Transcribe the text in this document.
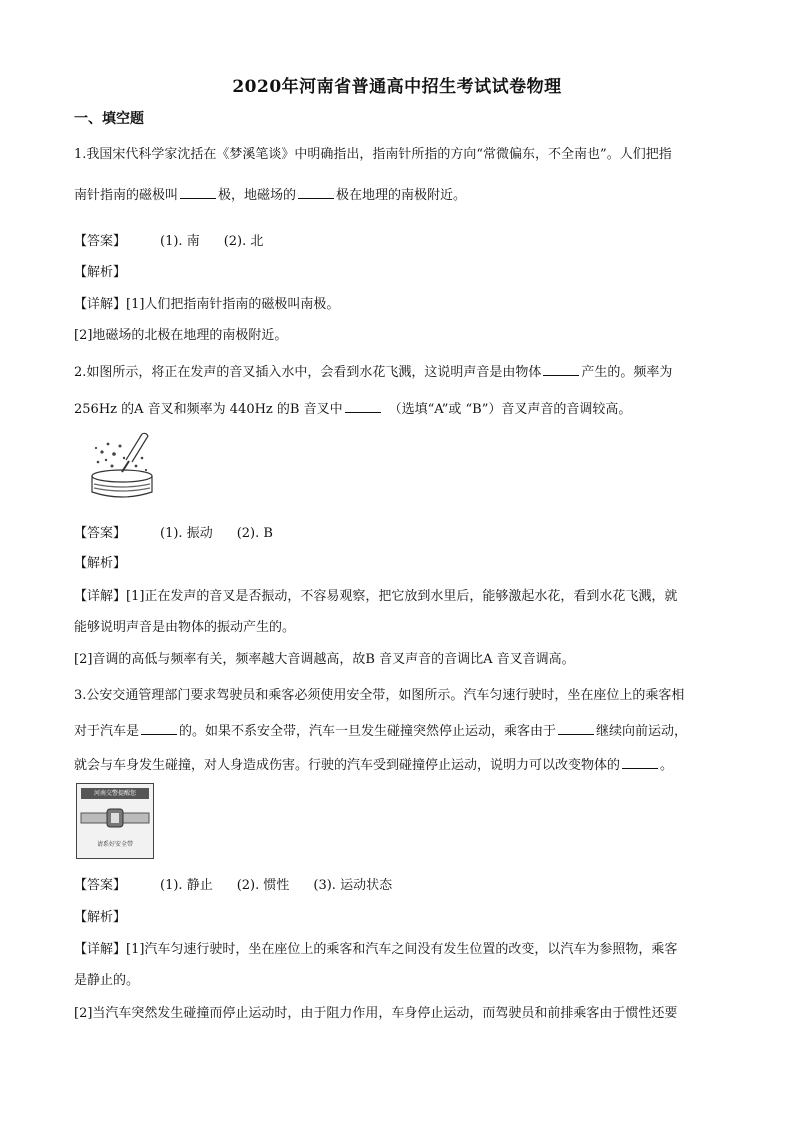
2020年河南省普通高中招生考试试卷物理
一、填空题
1.我国宋代科学家沈括在《梦溪笔谈》中明确指出，指南针所指的方向“常微偏东，不全南也”。人们把指
南针指南的磁极叫	极，地磁场的	极在地理的南极附近。
【答案】	(1). 南 (2). 北
【解析】
【详解】[1]人们把指南针指南的磁极叫南极。
[2]地磁场的北极在地理的南极附近。
2.如图所示，将正在发声的音叉插入水中，会看到水花飞溅，这说明声音是由物体	产生的。频率为
256Hz 的A 音叉和频率为 440Hz 的B 音叉中	（选填“A”或 “B”）音叉声音的音调较高。
【答案】	(1). 振动 (2). B
【解析】
【详解】[1]正在发声的音叉是否振动，不容易观察，把它放到水里后，能够激起水花，看到水花飞溅，就
能够说明声音是由物体的振动产生的。
[2]音调的高低与频率有关，频率越大音调越高，故B 音叉声音的音调比A 音叉音调高。
3.公安交通管理部门要求驾驶员和乘客必须使用安全带，如图所示。汽车匀速行驶时，坐在座位上的乘客相
对于汽车是	的。如果不系安全带，汽车一旦发生碰撞突然停止运动，乘客由于	继续向前运动，
就会与车身发生碰撞，对人身造成伤害。行驶的汽车受到碰撞停止运动，说明力可以改变物体的	。
河南交警提醒您
请系好安全带
【答案】	(1). 静止 (2). 惯性 (3). 运动状态
【解析】
【详解】[1]汽车匀速行驶时，坐在座位上的乘客和汽车之间没有发生位置的改变，以汽车为参照物，乘客
是静止的。
[2]当汽车突然发生碰撞而停止运动时，由于阻力作用，车身停止运动，而驾驶员和前排乘客由于惯性还要
